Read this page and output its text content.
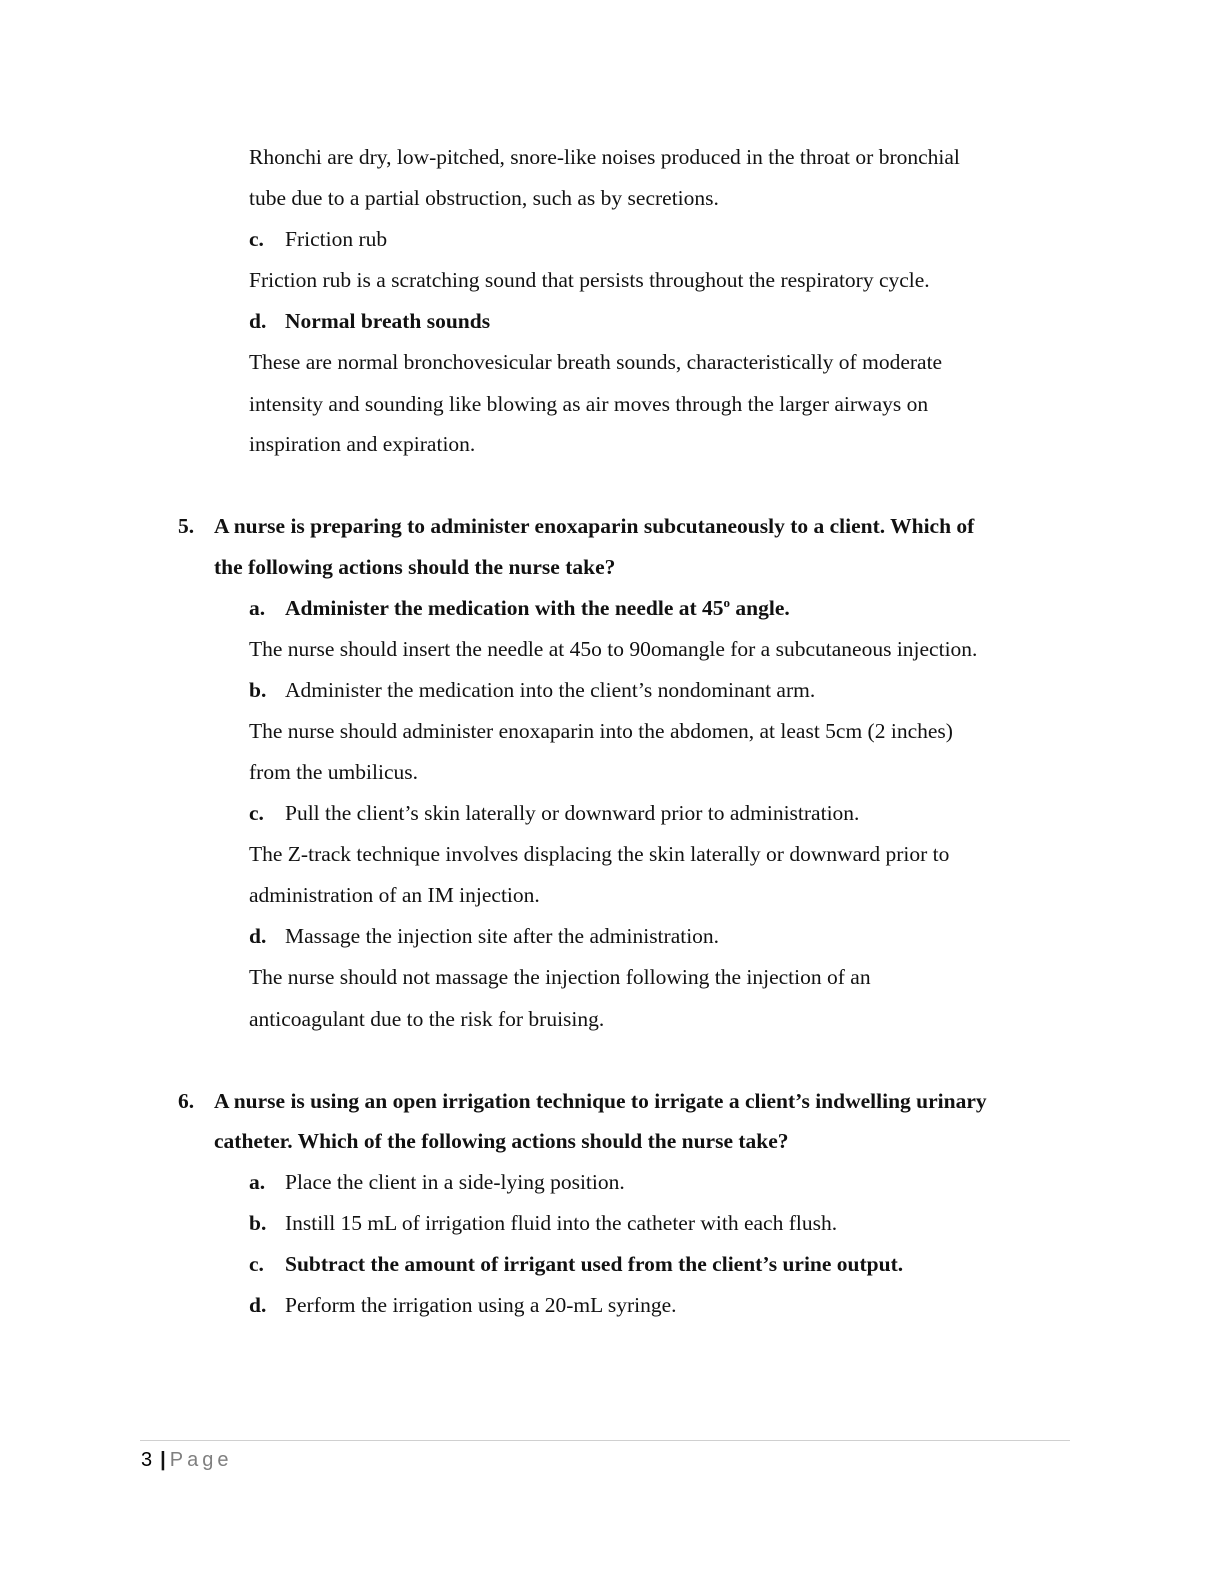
Rhonchi are dry, low-pitched, snore-like noises produced in the throat or bronchial
tube due to a partial obstruction, such as by secretions.
c. Friction rub
Friction rub is a scratching sound that persists throughout the respiratory cycle.
d. Normal breath sounds
These are normal bronchovesicular breath sounds, characteristically of moderate
intensity and sounding like blowing as air moves through the larger airways on
inspiration and expiration.
5. A nurse is preparing to administer enoxaparin subcutaneously to a client. Which of
the following actions should the nurse take?
a. Administer the medication with the needle at 45$^o$ angle.
The nurse should insert the needle at 45o to 90omangle for a subcutaneous injection.
b. Administer the medication into the client’s nondominant arm.
The nurse should administer enoxaparin into the abdomen, at least 5cm (2 inches)
from the umbilicus.
c. Pull the client’s skin laterally or downward prior to administration.
The Z-track technique involves displacing the skin laterally or downward prior to
administration of an IM injection.
d. Massage the injection site after the administration.
The nurse should not massage the injection following the injection of an
anticoagulant due to the risk for bruising.
6. A nurse is using an open irrigation technique to irrigate a client’s indwelling urinary
catheter. Which of the following actions should the nurse take?
a. Place the client in a side-lying position.
b. Instill 15 mL of irrigation fluid into the catheter with each flush.
c. Subtract the amount of irrigant used from the client’s urine output.
d. Perform the irrigation using a 20-mL syringe.
3 | Page
